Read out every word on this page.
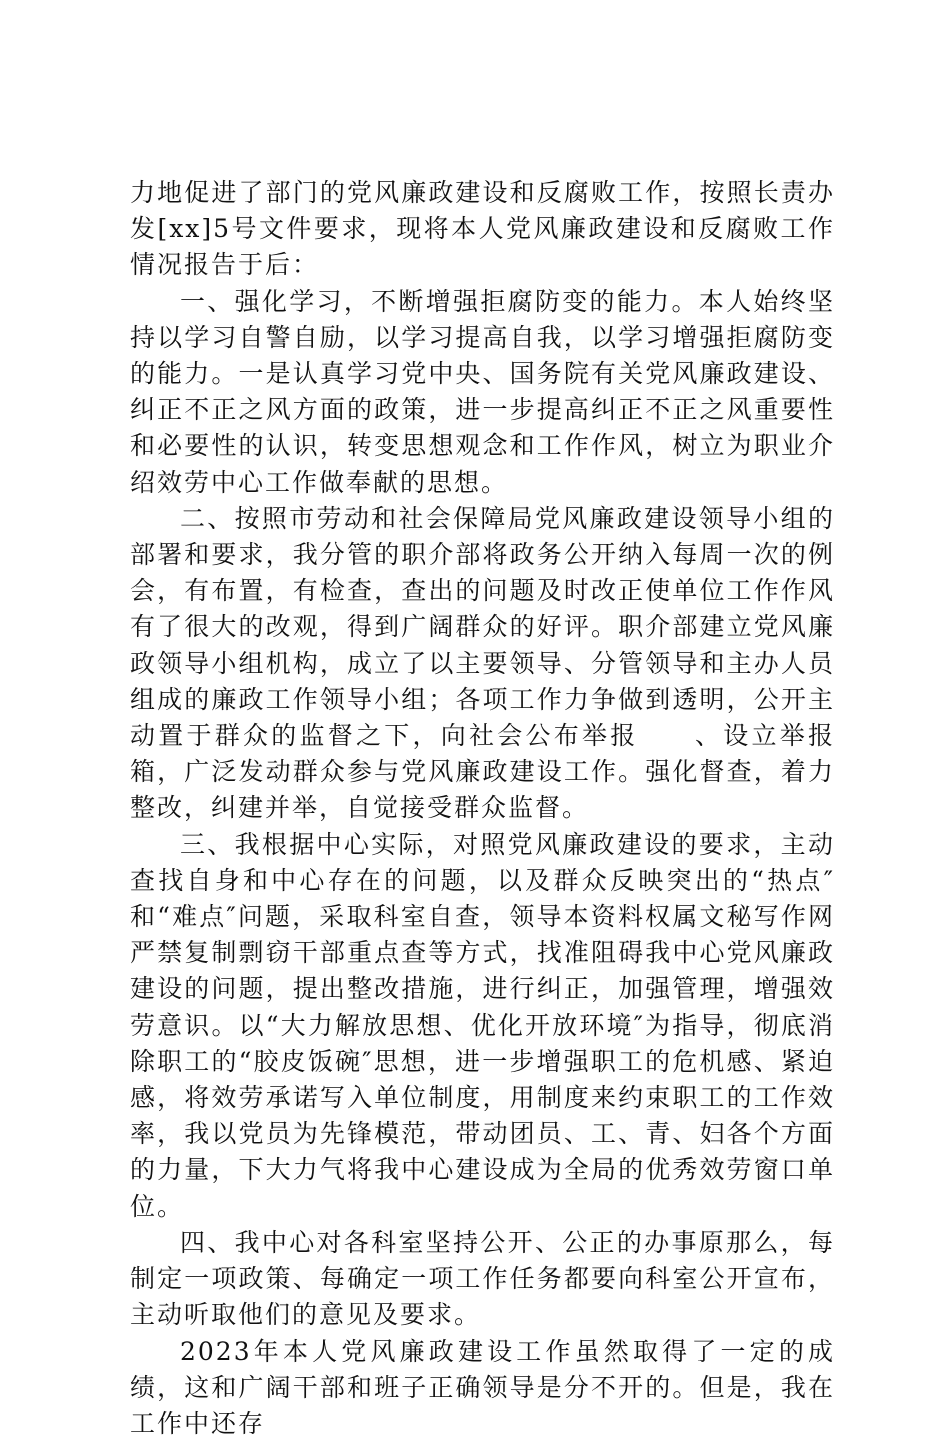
力地促进了部门的党风廉政建设和反腐败工作，按照长责办发[xx]5号文件要求，现将本人党风廉政建设和反腐败工作情况报告于后：

一、强化学习，不断增强拒腐防变的能力。本人始终坚持以学习自警自励，以学习提高自我，以学习增强拒腐防变的能力。一是认真学习党中央、国务院有关党风廉政建设、纠正不正之风方面的政策，进一步提高纠正不正之风重要性和必要性的认识，转变思想观念和工作作风，树立为职业介绍效劳中心工作做奉献的思想。

二、按照市劳动和社会保障局党风廉政建设领导小组的部署和要求，我分管的职介部将政务公开纳入每周一次的例会，有布置，有检查，查出的问题及时改正使单位工作作风有了很大的改观，得到广阔群众的好评。职介部建立党风廉政领导小组机构，成立了以主要领导、分管领导和主办人员组成的廉政工作领导小组；各项工作力争做到透明，公开主动置于群众的监督之下，向社会公布举报　　、设立举报箱，广泛发动群众参与党风廉政建设工作。强化督查，着力整改，纠建并举，自觉接受群众监督。

三、我根据中心实际，对照党风廉政建设的要求，主动查找自身和中心存在的问题，以及群众反映突出的“热点″和“难点″问题，采取科室自查，领导本资料权属文秘写作网严禁复制剽窃干部重点查等方式，找准阻碍我中心党风廉政建设的问题，提出整改措施，进行纠正，加强管理，增强效劳意识。以“大力解放思想、优化开放环境″为指导，彻底消除职工的“胶皮饭碗″思想，进一步增强职工的危机感、紧迫感，将效劳承诺写入单位制度，用制度来约束职工的工作效率，我以党员为先锋模范，带动团员、工、青、妇各个方面的力量，下大力气将我中心建设成为全局的优秀效劳窗口单位。

四、我中心对各科室坚持公开、公正的办事原那么，每制定一项政策、每确定一项工作任务都要向科室公开宣布，主动听取他们的意见及要求。

2023年本人党风廉政建设工作虽然取得了一定的成绩，这和广阔干部和班子正确领导是分不开的。但是，我在工作中还存
